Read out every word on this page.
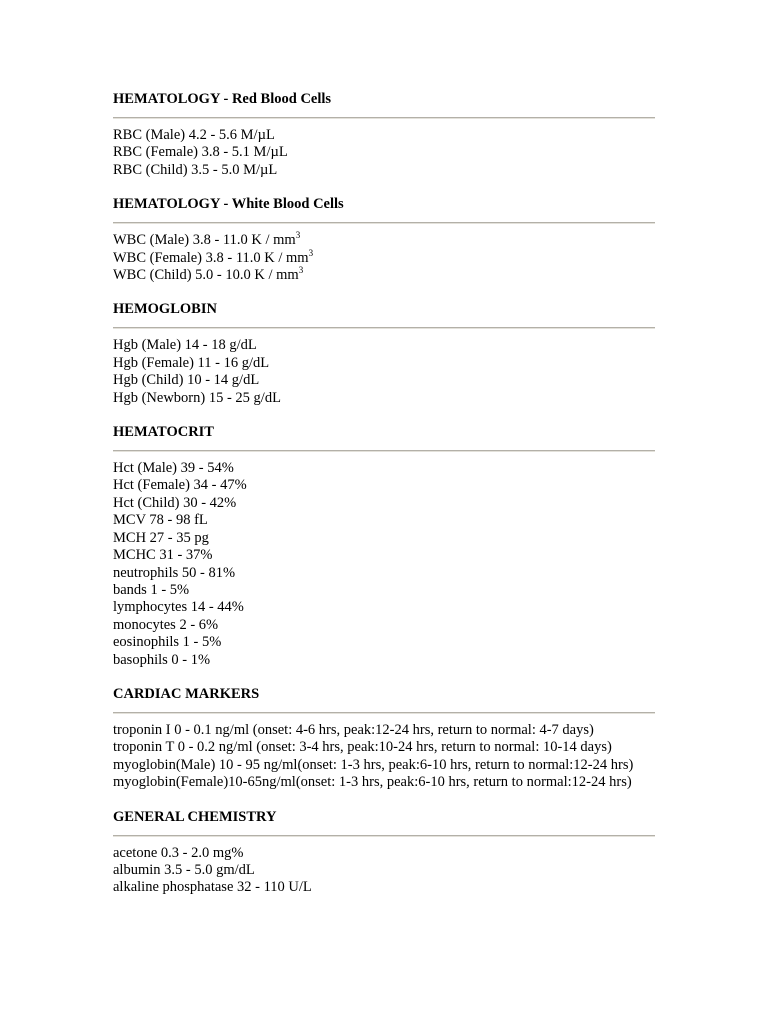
HEMATOLOGY - Red Blood Cells
RBC (Male) 4.2 - 5.6 M/µL
RBC (Female) 3.8 - 5.1 M/µL
RBC (Child) 3.5 - 5.0 M/µL
HEMATOLOGY - White Blood Cells
WBC (Male) 3.8 - 11.0 K / $mm^3$
WBC (Female) 3.8 - 11.0 K / $mm^3$
WBC (Child) 5.0 - 10.0 K / $mm^3$
HEMOGLOBIN
Hgb (Male) 14 - 18 g/dL
Hgb (Female) 11 - 16 g/dL
Hgb (Child) 10 - 14 g/dL
Hgb (Newborn) 15 - 25 g/dL
HEMATOCRIT
Hct (Male) 39 - 54%
Hct (Female) 34 - 47%
Hct (Child) 30 - 42%
MCV 78 - 98 fL
MCH 27 - 35 pg
MCHC 31 - 37%
neutrophils 50 - 81%
bands 1 - 5%
lymphocytes 14 - 44%
monocytes 2 - 6%
eosinophils 1 - 5%
basophils 0 - 1%
CARDIAC MARKERS
troponin I 0 - 0.1 ng/ml (onset: 4-6 hrs, peak:12-24 hrs, return to normal: 4-7 days)
troponin T 0 - 0.2 ng/ml (onset: 3-4 hrs, peak:10-24 hrs, return to normal: 10-14 days)
myoglobin(Male) 10 - 95 ng/ml(onset: 1-3 hrs, peak:6-10 hrs, return to normal:12-24 hrs)
myoglobin(Female)10-65ng/ml(onset: 1-3 hrs, peak:6-10 hrs, return to normal:12-24 hrs)
GENERAL CHEMISTRY
acetone 0.3 - 2.0 mg%
albumin 3.5 - 5.0 gm/dL
alkaline phosphatase 32 - 110 U/L
